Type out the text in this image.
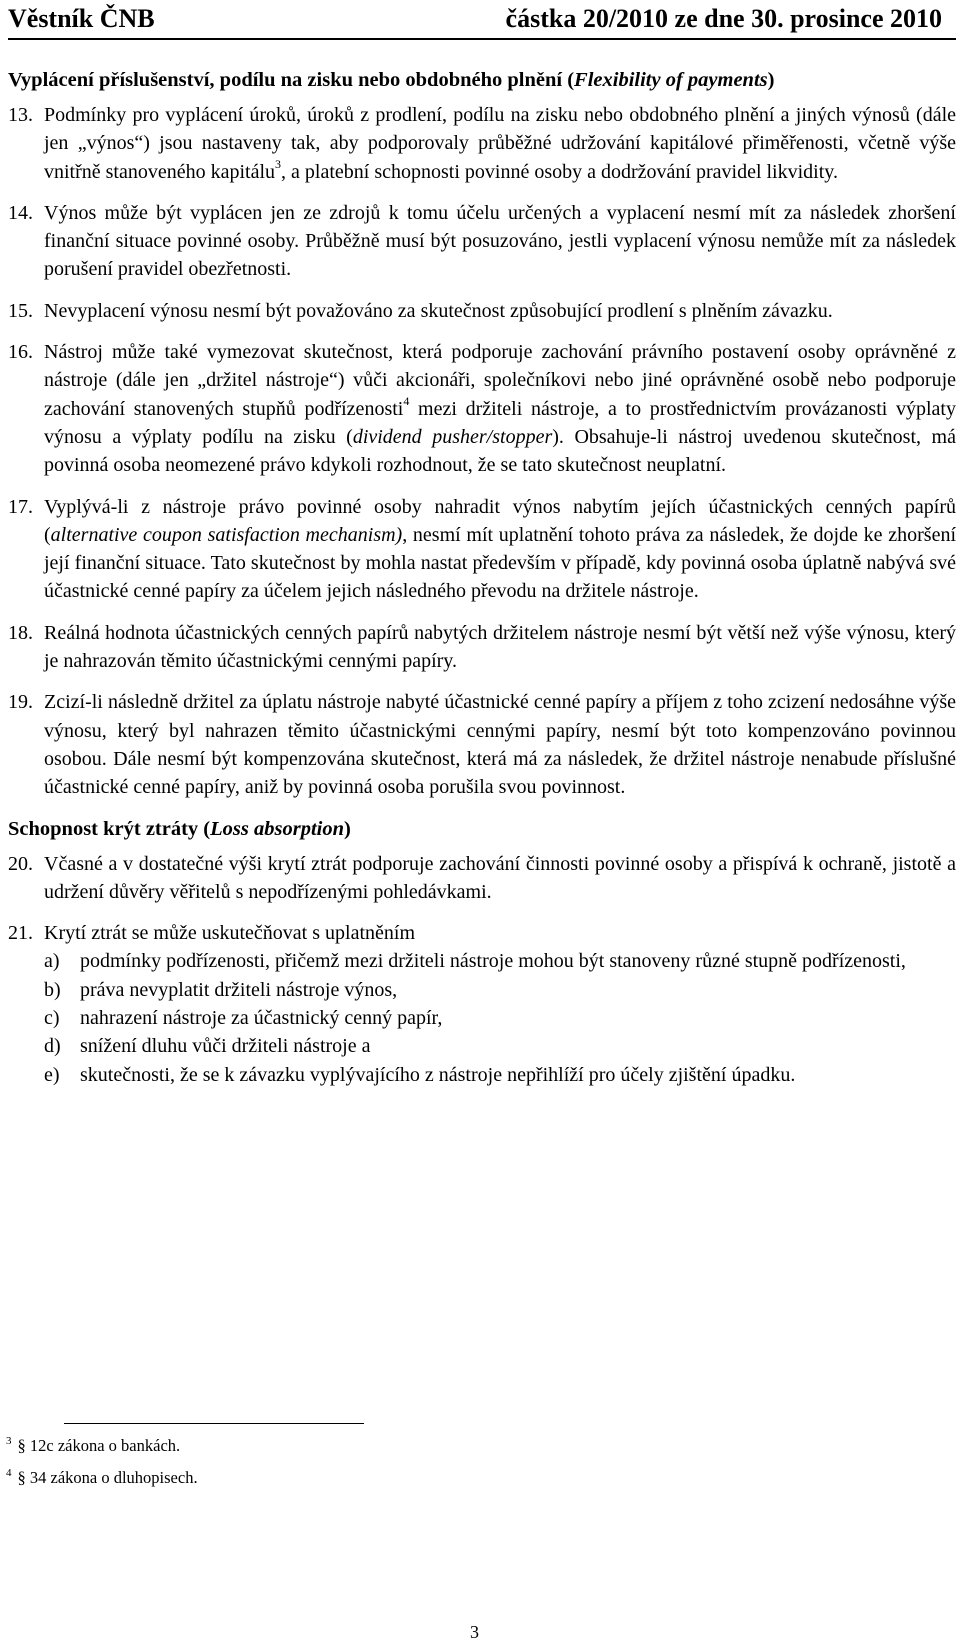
Věstník ČNB	částka 20/2010 ze dne 30. prosince 2010
Vyplácení příslušenství, podílu na zisku nebo obdobného plnění (Flexibility of payments)
13. Podmínky pro vyplácení úroků, úroků z prodlení, podílu na zisku nebo obdobného plnění a jiných výnosů (dále jen „výnos“) jsou nastaveny tak, aby podporovaly průběžné udržování kapitálové přiměřenosti, včetně výše vnitřně stanoveného kapitálu$^3$, a platební schopnosti povinné osoby a dodržování pravidel likvidity.
14. Výnos může být vyplácen jen ze zdrojů k tomu účelu určených a vyplacení nesmí mít za následek zhoršení finanční situace povinné osoby. Průběžně musí být posuzováno, jestli vyplacení výnosu nemůže mít za následek porušení pravidel obezřetnosti.
15. Nevyplacení výnosu nesmí být považováno za skutečnost způsobující prodlení s plněním závazku.
16. Nástroj může také vymezovat skutečnost, která podporuje zachování právního postavení osoby oprávněné z nástroje (dále jen „držitel nástroje“) vůči akcionáři, společníkovi nebo jiné oprávněné osobě nebo podporuje zachování stanovených stupňů podřízenosti$^4$ mezi držiteli nástroje, a to prostřednictvím provázanosti výplaty výnosu a výplaty podílu na zisku (dividend pusher/stopper). Obsahuje-li nástroj uvedenou skutečnost, má povinná osoba neomezené právo kdykoli rozhodnout, že se tato skutečnost neuplatní.
17. Vyplývá-li z nástroje právo povinné osoby nahradit výnos nabytím jejích účastnických cenných papírů (alternative coupon satisfaction mechanism), nesmí mít uplatnění tohoto práva za následek, že dojde ke zhoršení její finanční situace. Tato skutečnost by mohla nastat především v případě, kdy povinná osoba úplatně nabývá své účastnické cenné papíry za účelem jejich následného převodu na držitele nástroje.
18. Reálná hodnota účastnických cenných papírů nabytých držitelem nástroje nesmí být větší než výše výnosu, který je nahrazován těmito účastnickými cennými papíry.
19. Zcizí-li následně držitel za úplatu nástroje nabyté účastnické cenné papíry a příjem z toho zcizení nedosáhne výše výnosu, který byl nahrazen těmito účastnickými cennými papíry, nesmí být toto kompenzováno povinnou osobou. Dále nesmí být kompenzována skutečnost, která má za následek, že držitel nástroje nenabude příslušné účastnické cenné papíry, aniž by povinná osoba porušila svou povinnost.
Schopnost krýt ztráty (Loss absorption)
20. Včasné a v dostatečné výši krytí ztrát podporuje zachování činnosti povinné osoby a přispívá k ochraně, jistotě a udržení důvěry věřitelů s nepodřízenými pohledávkami.
21. Krytí ztrát se může uskutečňovat s uplatněním
a) podmínky podřízenosti, přičemž mezi držiteli nástroje mohou být stanoveny různé stupně podřízenosti,
b) práva nevyplatit držiteli nástroje výnos,
c) nahrazení nástroje za účastnický cenný papír,
d) snížení dluhu vůči držiteli nástroje a
e) skutečnosti, že se k závazku vyplývajícího z nástroje nepřihlíží pro účely zjištění úpadku.
$^3$ § 12c zákona o bankách.
$^4$ § 34 zákona o dluhopisech.
3
